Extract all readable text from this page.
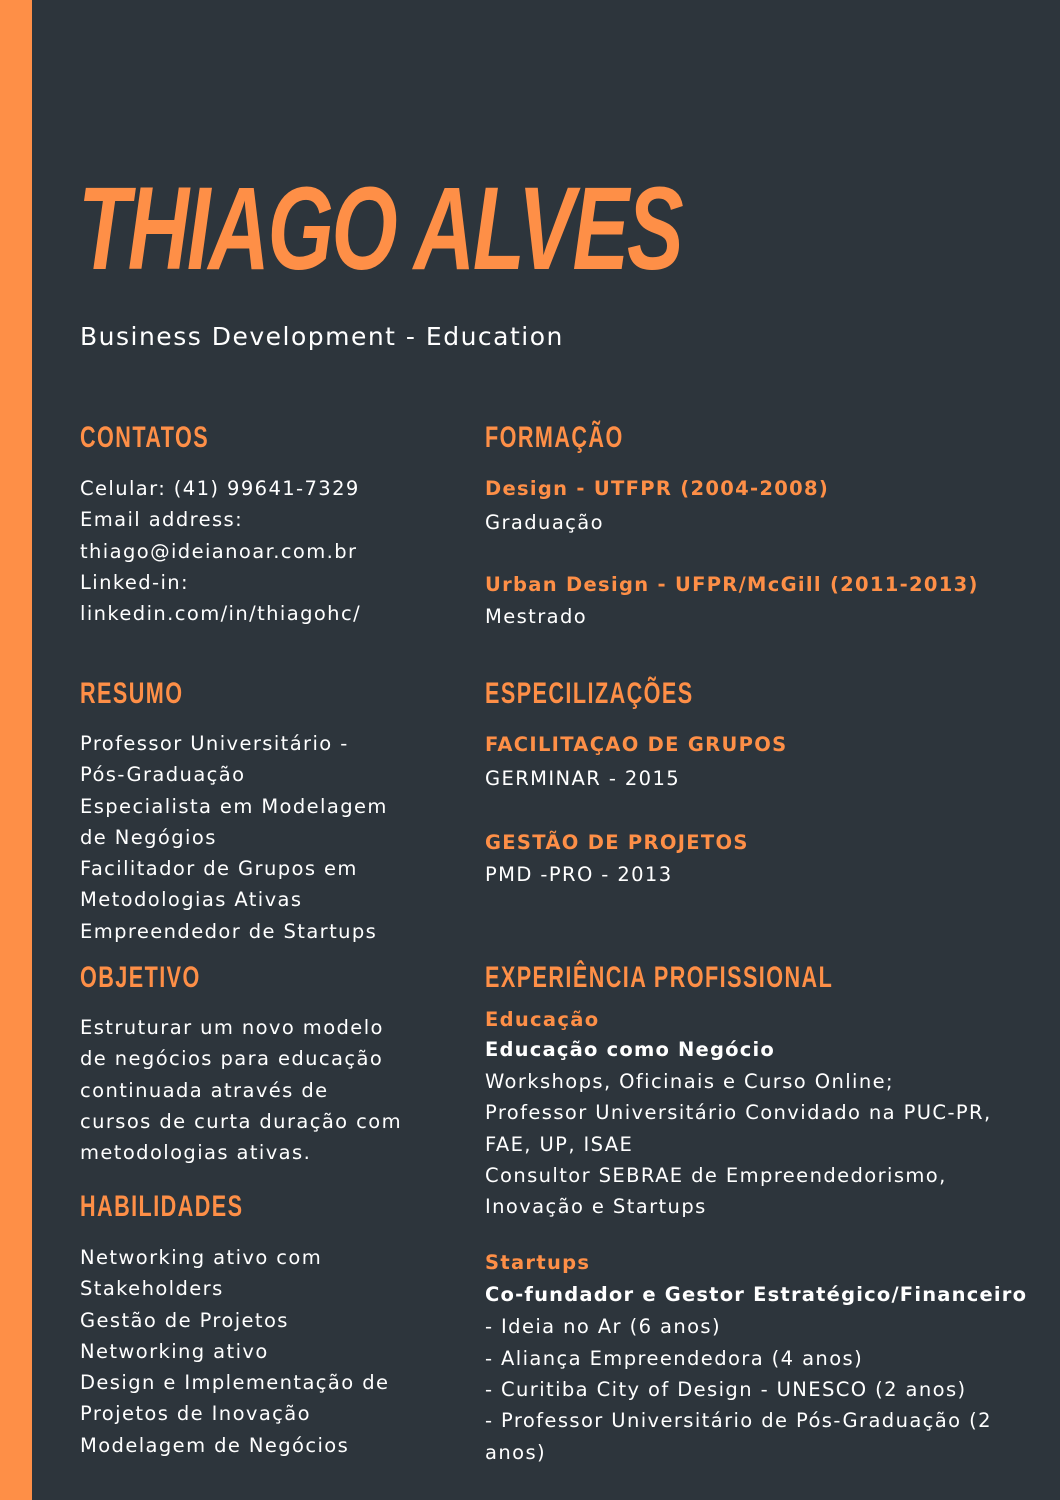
THIAGO ALVES

Business Development - Education

CONTATOS
Celular: (41) 99641-7329
Email address:
thiago@ideianoar.com.br
Linked-in:
linkedin.com/in/thiagohc/
RESUMO
Professor Universitário -
Pós-Graduação
Especialista em Modelagem
de Negógios
Facilitador de Grupos em
Metodologias Ativas
Empreendedor de Startups
OBJETIVO
Estruturar um novo modelo
de negócios para educação
continuada através de
cursos de curta duração com
metodologias ativas.
HABILIDADES
Networking ativo com
Stakeholders
Gestão de Projetos
Networking ativo
Design e Implementação de
Projetos de Inovação
Modelagem de Negócios
FORMAÇÃO
Design - UTFPR (2004-2008)
Graduação
Urban Design - UFPR/McGill (2011-2013)
Mestrado
ESPECILIZAÇÕES
FACILITAÇAO DE GRUPOS
GERMINAR - 2015
GESTÃO DE PROJETOS
PMD -PRO - 2013
EXPERIÊNCIA PROFISSIONAL
Educação
Educação como Negócio
Workshops, Oficinais e Curso Online;
Professor Universitário Convidado na PUC-PR,
FAE, UP, ISAE
Consultor SEBRAE de Empreendedorismo,
Inovação e Startups
Startups
Co-fundador e Gestor Estratégico/Financeiro
- Ideia no Ar (6 anos)
- Aliança Empreendedora (4 anos)
- Curitiba City of Design - UNESCO (2 anos)
- Professor Universitário de Pós-Graduação (2
anos)
